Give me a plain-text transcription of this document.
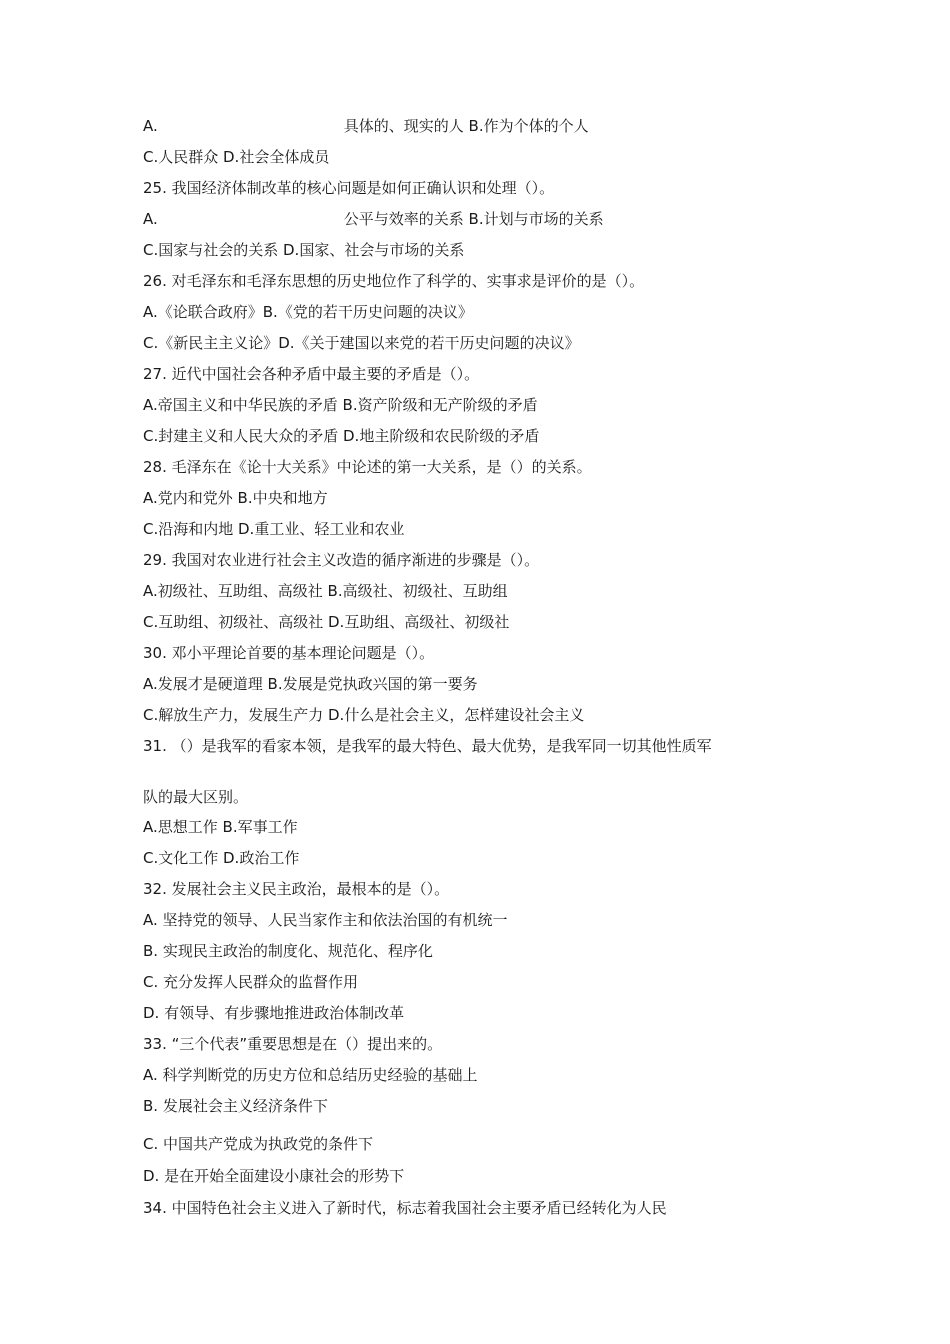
A.	具体的、现实的人 B.作为个体的个人
C.人民群众 D.社会全体成员
25. 我国经济体制改革的核心问题是如何正确认识和处理（）。
A.	公平与效率的关系 B.计划与市场的关系
C.国家与社会的关系 D.国家、社会与市场的关系
26. 对毛泽东和毛泽东思想的历史地位作了科学的、实事求是评价的是（）。
A.《论联合政府》B.《党的若干历史问题的决议》
C.《新民主主义论》D.《关于建国以来党的若干历史问题的决议》
27. 近代中国社会各种矛盾中最主要的矛盾是（）。
A.帝国主义和中华民族的矛盾 B.资产阶级和无产阶级的矛盾
C.封建主义和人民大众的矛盾 D.地主阶级和农民阶级的矛盾
28. 毛泽东在《论十大关系》中论述的第一大关系，是（）的关系。
A.党内和党外 B.中央和地方
C.沿海和内地 D.重工业、轻工业和农业
29. 我国对农业进行社会主义改造的循序渐进的步骤是（）。
A.初级社、互助组、高级社 B.高级社、初级社、互助组
C.互助组、初级社、高级社 D.互助组、高级社、初级社
30. 邓小平理论首要的基本理论问题是（）。
A.发展才是硬道理 B.发展是党执政兴国的第一要务
C.解放生产力，发展生产力 D.什么是社会主义，怎样建设社会主义
31. （）是我军的看家本领，是我军的最大特色、最大优势，是我军同一切其他性质军
队的最大区别。
A.思想工作 B.军事工作
C.文化工作 D.政治工作
32. 发展社会主义民主政治，最根本的是（）。
A. 坚持党的领导、人民当家作主和依法治国的有机统一
B. 实现民主政治的制度化、规范化、程序化
C. 充分发挥人民群众的监督作用
D. 有领导、有步骤地推进政治体制改革
33. “三个代表”重要思想是在（）提出来的。
A. 科学判断党的历史方位和总结历史经验的基础上
B. 发展社会主义经济条件下
C. 中国共产党成为执政党的条件下
D. 是在开始全面建设小康社会的形势下
34. 中国特色社会主义进入了新时代，标志着我国社会主要矛盾已经转化为人民
